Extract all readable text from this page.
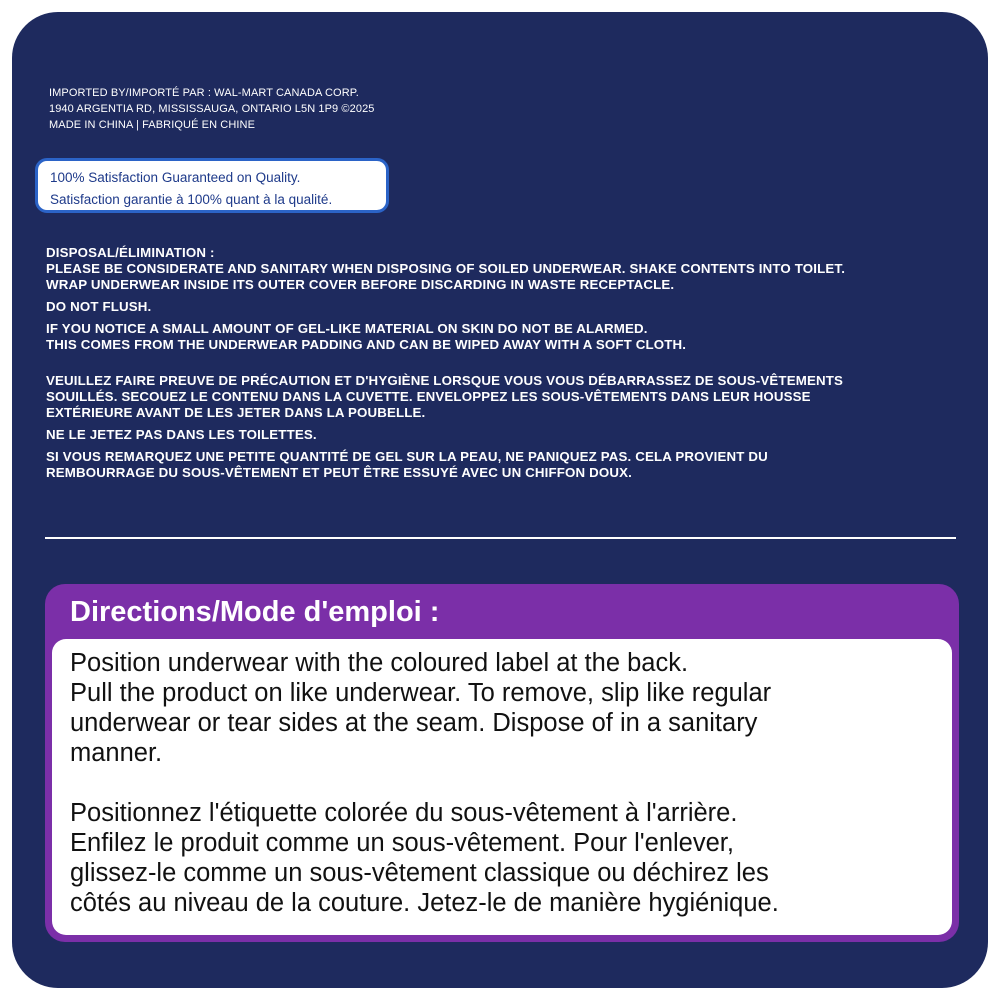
IMPORTED BY/IMPORTÉ PAR : WAL-MART CANADA CORP.
1940 ARGENTIA RD, MISSISSAUGA, ONTARIO L5N 1P9 ©2025
MADE IN CHINA | FABRIQUÉ EN CHINE
100% Satisfaction Guaranteed on Quality.
Satisfaction garantie à 100% quant à la qualité.
DISPOSAL/ÉLIMINATION :
PLEASE BE CONSIDERATE AND SANITARY WHEN DISPOSING OF SOILED UNDERWEAR. SHAKE CONTENTS INTO TOILET.
WRAP UNDERWEAR INSIDE ITS OUTER COVER BEFORE DISCARDING IN WASTE RECEPTACLE.
DO NOT FLUSH.
IF YOU NOTICE A SMALL AMOUNT OF GEL-LIKE MATERIAL ON SKIN DO NOT BE ALARMED.
THIS COMES FROM THE UNDERWEAR PADDING AND CAN BE WIPED AWAY WITH A SOFT CLOTH.
VEUILLEZ FAIRE PREUVE DE PRÉCAUTION ET D'HYGIÈNE LORSQUE VOUS VOUS DÉBARRASSEZ DE SOUS-VÊTEMENTS
SOUILLÉS. SECOUEZ LE CONTENU DANS LA CUVETTE. ENVELOPPEZ LES SOUS-VÊTEMENTS DANS LEUR HOUSSE
EXTÉRIEURE AVANT DE LES JETER DANS LA POUBELLE.
NE LE JETEZ PAS DANS LES TOILETTES.
SI VOUS REMARQUEZ UNE PETITE QUANTITÉ DE GEL SUR LA PEAU, NE PANIQUEZ PAS. CELA PROVIENT DU
REMBOURRAGE DU SOUS-VÊTEMENT ET PEUT ÊTRE ESSUYÉ AVEC UN CHIFFON DOUX.
Directions/Mode d'emploi :
Position underwear with the coloured label at the back.
Pull the product on like underwear. To remove, slip like regular
underwear or tear sides at the seam. Dispose of in a sanitary
manner.
Positionnez l'étiquette colorée du sous-vêtement à l'arrière.
Enfilez le produit comme un sous-vêtement. Pour l'enlever,
glissez-le comme un sous-vêtement classique ou déchirez les
côtés au niveau de la couture. Jetez-le de manière hygiénique.
